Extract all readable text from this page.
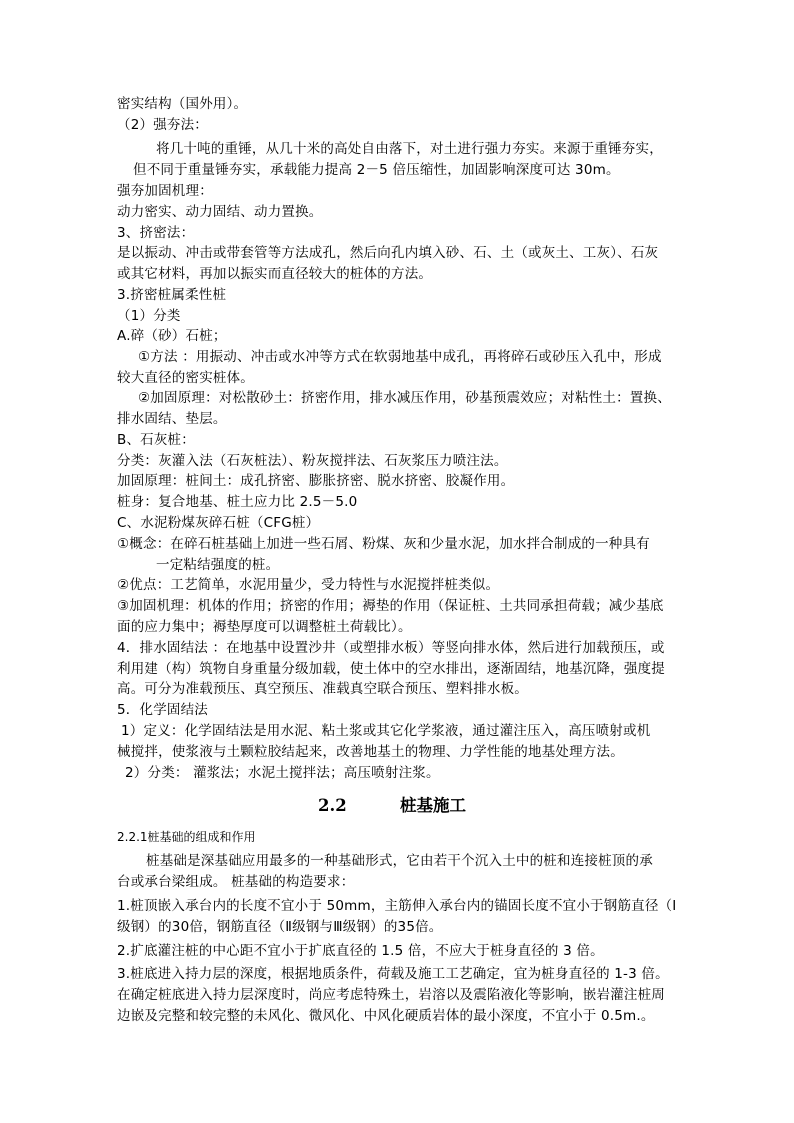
密实结构（国外用）。
（2）强夯法：
将几十吨的重锤，从几十米的高处自由落下，对土进行强力夯实。来源于重锤夯实，
但不同于重量锤夯实，承载能力提高 2－5 倍压缩性，加固影响深度可达 30m。
强夯加固机理：
动力密实、动力固结、动力置换。
3、挤密法：
是以振动、冲击或带套管等方法成孔，然后向孔内填入砂、石、土（或灰土、工灰）、石灰
或其它材料，再加以振实而直径较大的桩体的方法。
3.挤密桩属柔性桩
（1）分类
A.碎（砂）石桩；
①方法 ：用振动、冲击或水冲等方式在软弱地基中成孔，再将碎石或砂压入孔中，形成
较大直径的密实桩体。
②加固原理：对松散砂土：挤密作用，排水减压作用，砂基预震效应；对粘性土：置换、
排水固结、垫层。
B、石灰桩：
分类：灰灌入法（石灰桩法）、粉灰搅拌法、石灰浆压力喷注法。
加固原理：桩间土：成孔挤密、膨胀挤密、脱水挤密、胶凝作用。
桩身：复合地基、桩土应力比 2.5－5.0
C、水泥粉煤灰碎石桩（CFG桩）
①概念：在碎石桩基础上加进一些石屑、粉煤、灰和少量水泥，加水拌合制成的一种具有
一定粘结强度的桩。
②优点：工艺简单，水泥用量少，受力特性与水泥搅拌桩类似。
③加固机理：机体的作用；挤密的作用；褥垫的作用（保证桩、土共同承担荷载；减少基底
面的应力集中；褥垫厚度可以调整桩土荷载比）。
4．排水固结法 ：在地基中设置沙井（或塑排水板）等竖向排水体，然后进行加载预压，或
利用建（构）筑物自身重量分级加载，使土体中的空水排出，逐渐固结，地基沉降，强度提
高。可分为准载预压、真空预压、准载真空联合预压、塑料排水板。
5．化学固结法
1）定义：化学固结法是用水泥、粘土浆或其它化学浆液，通过灌注压入，高压喷射或机
械搅拌，使浆液与土颗粒胶结起来，改善地基土的物理、力学性能的地基处理方法。
2）分类： 灌浆法；水泥土搅拌法；高压喷射注浆。
2.2	桩基施工
2.2.1桩基础的组成和作用
桩基础是深基础应用最多的一种基础形式，它由若干个沉入土中的桩和连接桩顶的承
台或承台梁组成。 桩基础的构造要求：
1.桩顶嵌入承台内的长度不宜小于 50mm，主筋伸入承台内的锚固长度不宜小于钢筋直径（Ⅰ
级钢）的30倍，钢筋直径（Ⅱ级钢与Ⅲ级钢）的35倍。
2.扩底灌注桩的中心距不宜小于扩底直径的 1.5 倍，不应大于桩身直径的 3 倍。
3.桩底进入持力层的深度，根据地质条件，荷载及施工工艺确定，宜为桩身直径的 1-3 倍。
在确定桩底进入持力层深度时，尚应考虑特殊土，岩溶以及震陷液化等影响，嵌岩灌注桩周
边嵌及完整和较完整的未风化、微风化、中风化硬质岩体的最小深度，不宜小于 0.5m.。
